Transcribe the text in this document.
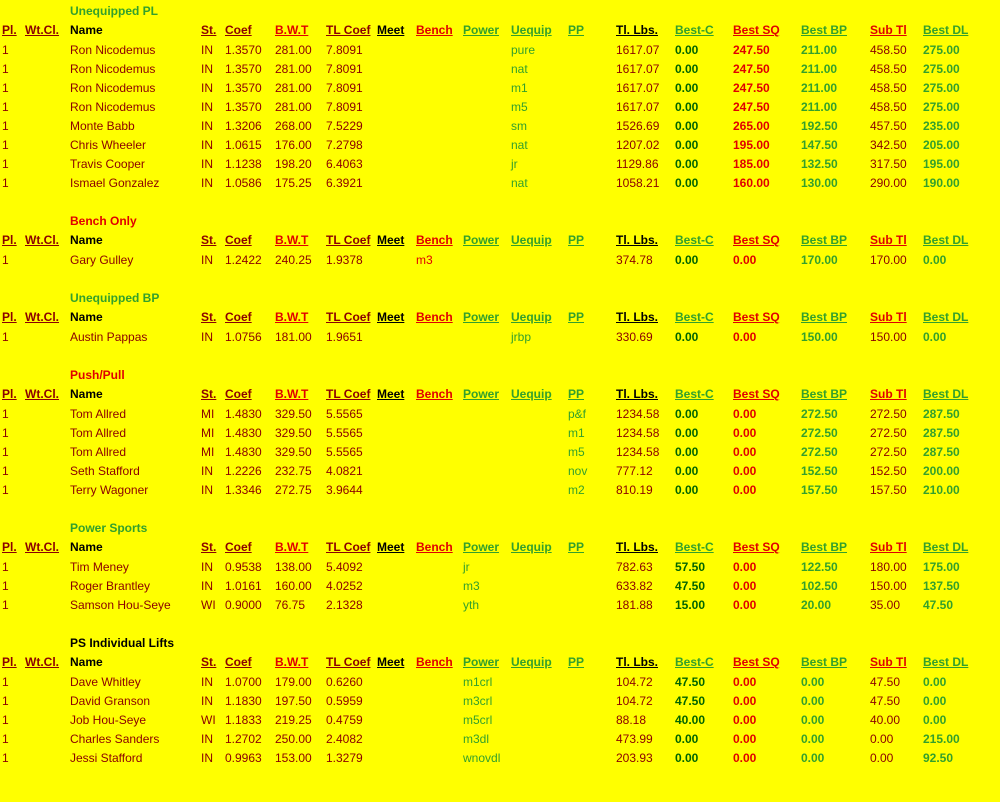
Unequipped PL
Pl. Wt.Cl. Name	St. Coef B.W.T TL Coef Meet Bench Power Uequip PP	Tl. Lbs. Best-C Best SQ Best BP Sub Tl Best DL
1	Ron Nicodemus	IN 1.3570 281.00 7.8091	pure	1617.07 0.00	247.50	211.00	458.50 275.00
1	Ron Nicodemus	IN 1.3570 281.00 7.8091	nat	1617.07 0.00	247.50	211.00	458.50 275.00
1	Ron Nicodemus	IN 1.3570 281.00 7.8091	m1	1617.07 0.00	247.50	211.00	458.50 275.00
1	Ron Nicodemus	IN 1.3570 281.00 7.8091	m5	1617.07 0.00	247.50	211.00	458.50 275.00
1	Monte Babb	IN 1.3206 268.00 7.5229	sm	1526.69 0.00	265.00	192.50	457.50 235.00
1	Chris Wheeler	IN 1.0615 176.00 7.2798	nat	1207.02 0.00	195.00	147.50	342.50 205.00
1	Travis Cooper	IN 1.1238 198.20 6.4063	jr	1129.86 0.00	185.00	132.50	317.50 195.00
1	Ismael Gonzalez	IN 1.0586 175.25 6.3921	nat	1058.21 0.00	160.00	130.00	290.00 190.00
Bench Only
Pl. Wt.Cl. Name	St. Coef B.W.T TL Coef Meet Bench Power Uequip PP	Tl. Lbs. Best-C Best SQ Best BP Sub Tl Best DL
1	Gary Gulley	IN 1.2422 240.25 1.9378	m3	374.78 0.00	0.00	170.00	170.00 0.00
Unequipped BP
Pl. Wt.Cl. Name	St. Coef B.W.T TL Coef Meet Bench Power Uequip PP	Tl. Lbs. Best-C Best SQ Best BP Sub Tl Best DL
1	Austin Pappas	IN 1.0756 181.00 1.9651	jrbp	330.69 0.00	0.00	150.00	150.00 0.00
Push/Pull
Pl. Wt.Cl. Name	St. Coef B.W.T TL Coef Meet Bench Power Uequip PP	Tl. Lbs. Best-C Best SQ Best BP Sub Tl Best DL
1	Tom Allred	MI 1.4830 329.50 5.5565	p&f 1234.58 0.00	0.00	272.50	272.50 287.50
1	Tom Allred	MI 1.4830 329.50 5.5565	m1	1234.58 0.00	0.00	272.50	272.50 287.50
1	Tom Allred	MI 1.4830 329.50 5.5565	m5	1234.58 0.00	0.00	272.50	272.50 287.50
1	Seth Stafford	IN 1.2226 232.75 4.0821	nov 777.12 0.00	0.00	152.50	152.50 200.00
1	Terry Wagoner	IN 1.3346 272.75 3.9644	m2	810.19 0.00	0.00	157.50	157.50 210.00
Power Sports
Pl. Wt.Cl. Name	St. Coef B.W.T TL Coef Meet Bench Power Uequip PP	Tl. Lbs. Best-C Best SQ Best BP Sub Tl Best DL
1	Tim Meney	IN 0.9538 138.00 5.4092	jr	782.63 57.50 0.00	122.50	180.00 175.00
1	Roger Brantley	IN 1.0161 160.00 4.0252	m3	633.82 47.50 0.00	102.50	150.00 137.50
1	Samson Hou-Seye	WI 0.9000 76.75 2.1328	yth	181.88 15.00 0.00	20.00	35.00 47.50
PS Individual Lifts
Pl. Wt.Cl. Name	St. Coef B.W.T TL Coef Meet Bench Power Uequip PP	Tl. Lbs. Best-C Best SQ Best BP Sub Tl Best DL
1	Dave Whitley	IN 1.0700 179.00 0.6260	m1crl	104.72 47.50 0.00	0.00	47.50 0.00
1	David Granson	IN 1.1830 197.50 0.5959	m3crl	104.72 47.50 0.00	0.00	47.50 0.00
1	Job Hou-Seye	WI 1.1833 219.25 0.4759	m5crl	88.18 40.00 0.00	0.00	40.00 0.00
1	Charles Sanders	IN 1.2702 250.00 2.4082	m3dl	473.99 0.00	0.00	0.00	0.00 215.00
1	Jessi Stafford	IN 0.9963 153.00 1.3279	wnovdl	203.93 0.00	0.00	0.00	0.00 92.50
